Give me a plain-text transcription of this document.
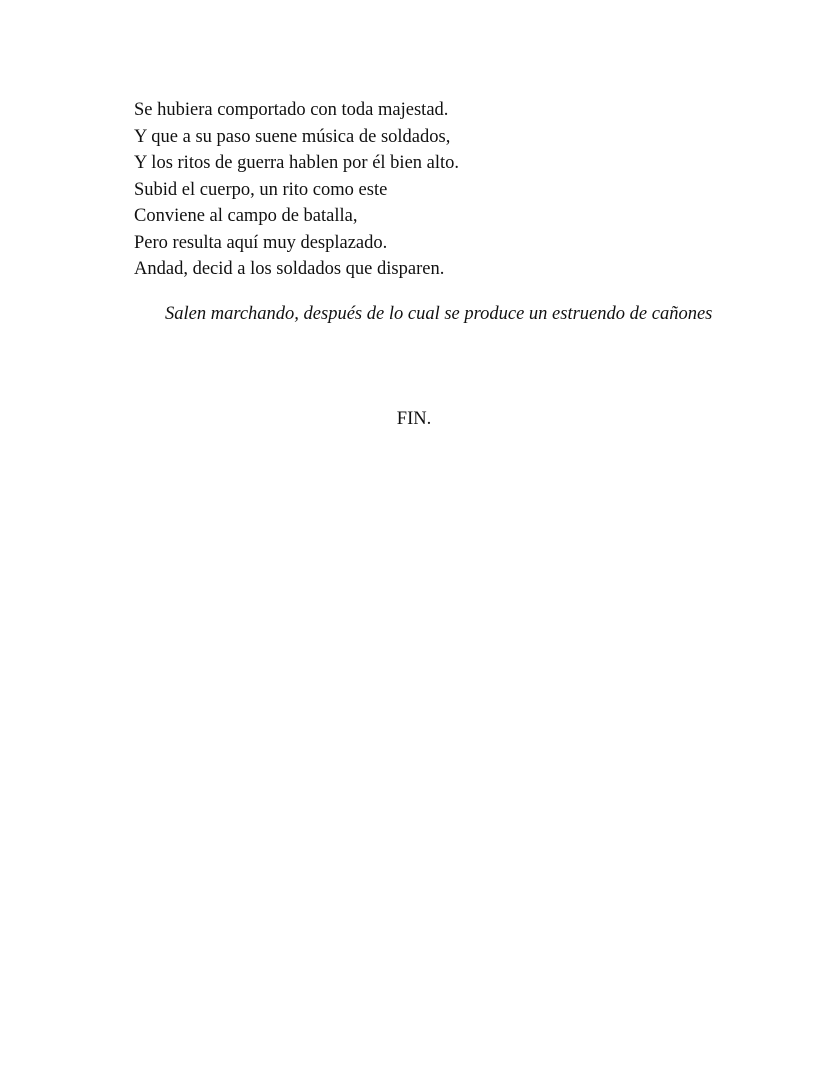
Se hubiera comportado con toda majestad.
Y que a su paso suene música de soldados,
Y los ritos de guerra hablen por él bien alto.
Subid el cuerpo, un rito como este
Conviene al campo de batalla,
Pero resulta aquí muy desplazado.
Andad, decid a los soldados que disparen.

Salen marchando, después de lo cual se produce un estruendo de cañones

FIN.
